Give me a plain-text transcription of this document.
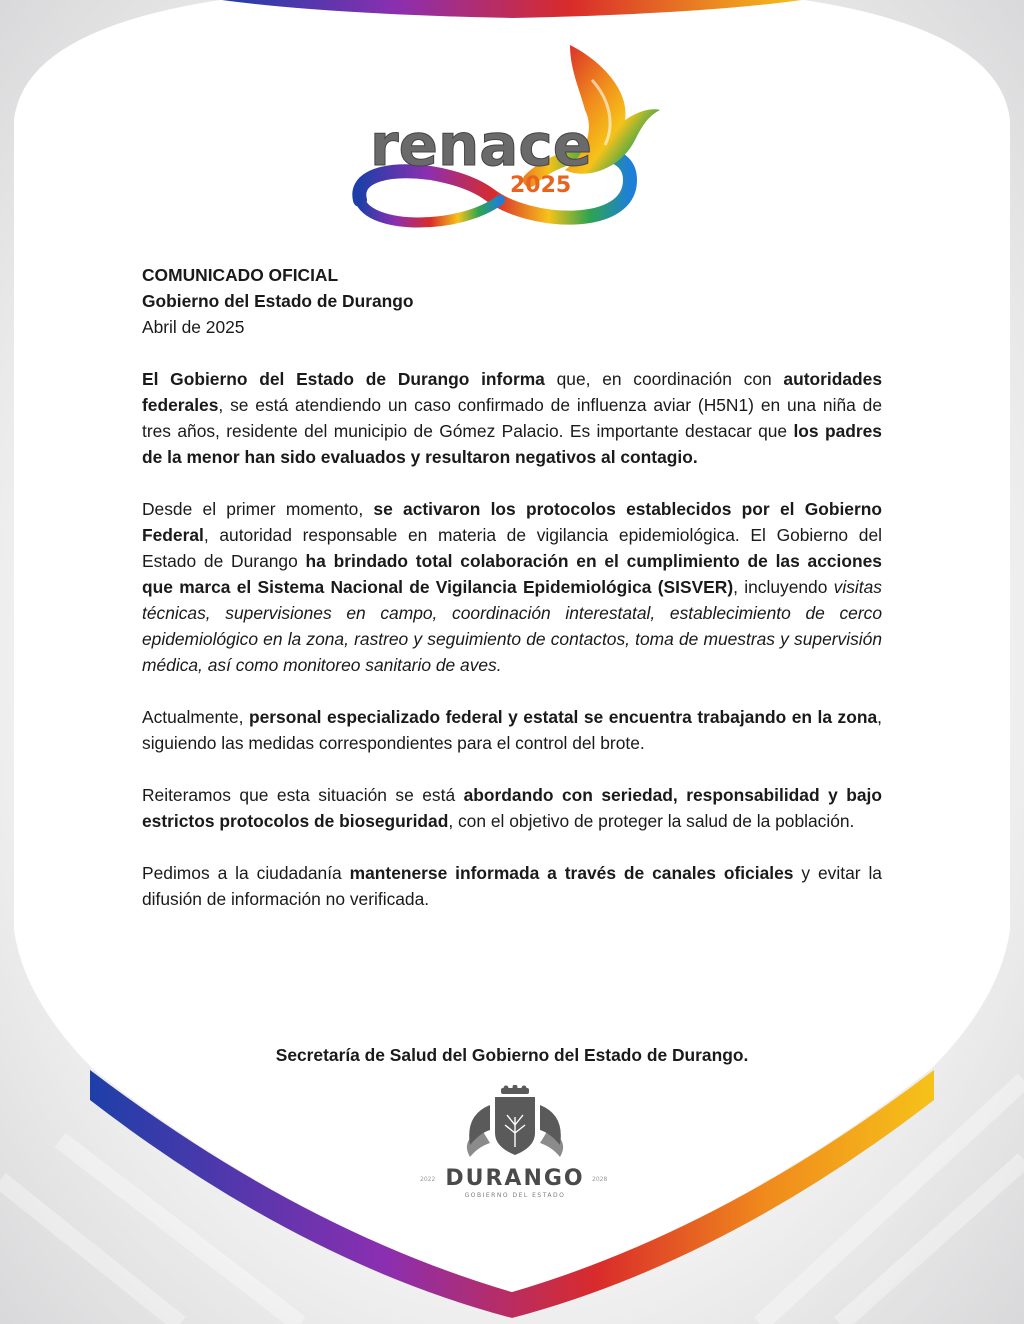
renace
2025

COMUNICADO OFICIAL

Gobierno del Estado de Durango

Abril de 2025

El Gobierno del Estado de Durango informa que, en coordinación con autoridades federales, se está atendiendo un caso confirmado de influenza aviar (H5N1) en una niña de tres años, residente del municipio de Gómez Palacio. Es importante destacar que los padres de la menor han sido evaluados y resultaron negativos al contagio.

Desde el primer momento, se activaron los protocolos establecidos por el Gobierno Federal, autoridad responsable en materia de vigilancia epidemiológica. El Gobierno del Estado de Durango ha brindado total colaboración en el cumplimiento de las acciones que marca el Sistema Nacional de Vigilancia Epidemiológica (SISVER), incluyendo visitas técnicas, supervisiones en campo, coordinación interestatal, establecimiento de cerco epidemiológico en la zona, rastreo y seguimiento de contactos, toma de muestras y supervisión médica, así como monitoreo sanitario de aves.

Actualmente, personal especializado federal y estatal se encuentra trabajando en la zona, siguiendo las medidas correspondientes para el control del brote.

Reiteramos que esta situación se está abordando con seriedad, responsabilidad y bajo estrictos protocolos de bioseguridad, con el objetivo de proteger la salud de la población.

Pedimos a la ciudadanía mantenerse informada a través de canales oficiales y evitar la difusión de información no verificada.

Secretaría de Salud del Gobierno del Estado de Durango.
DURANGO
2022	2028
GOBIERNO DEL ESTADO
